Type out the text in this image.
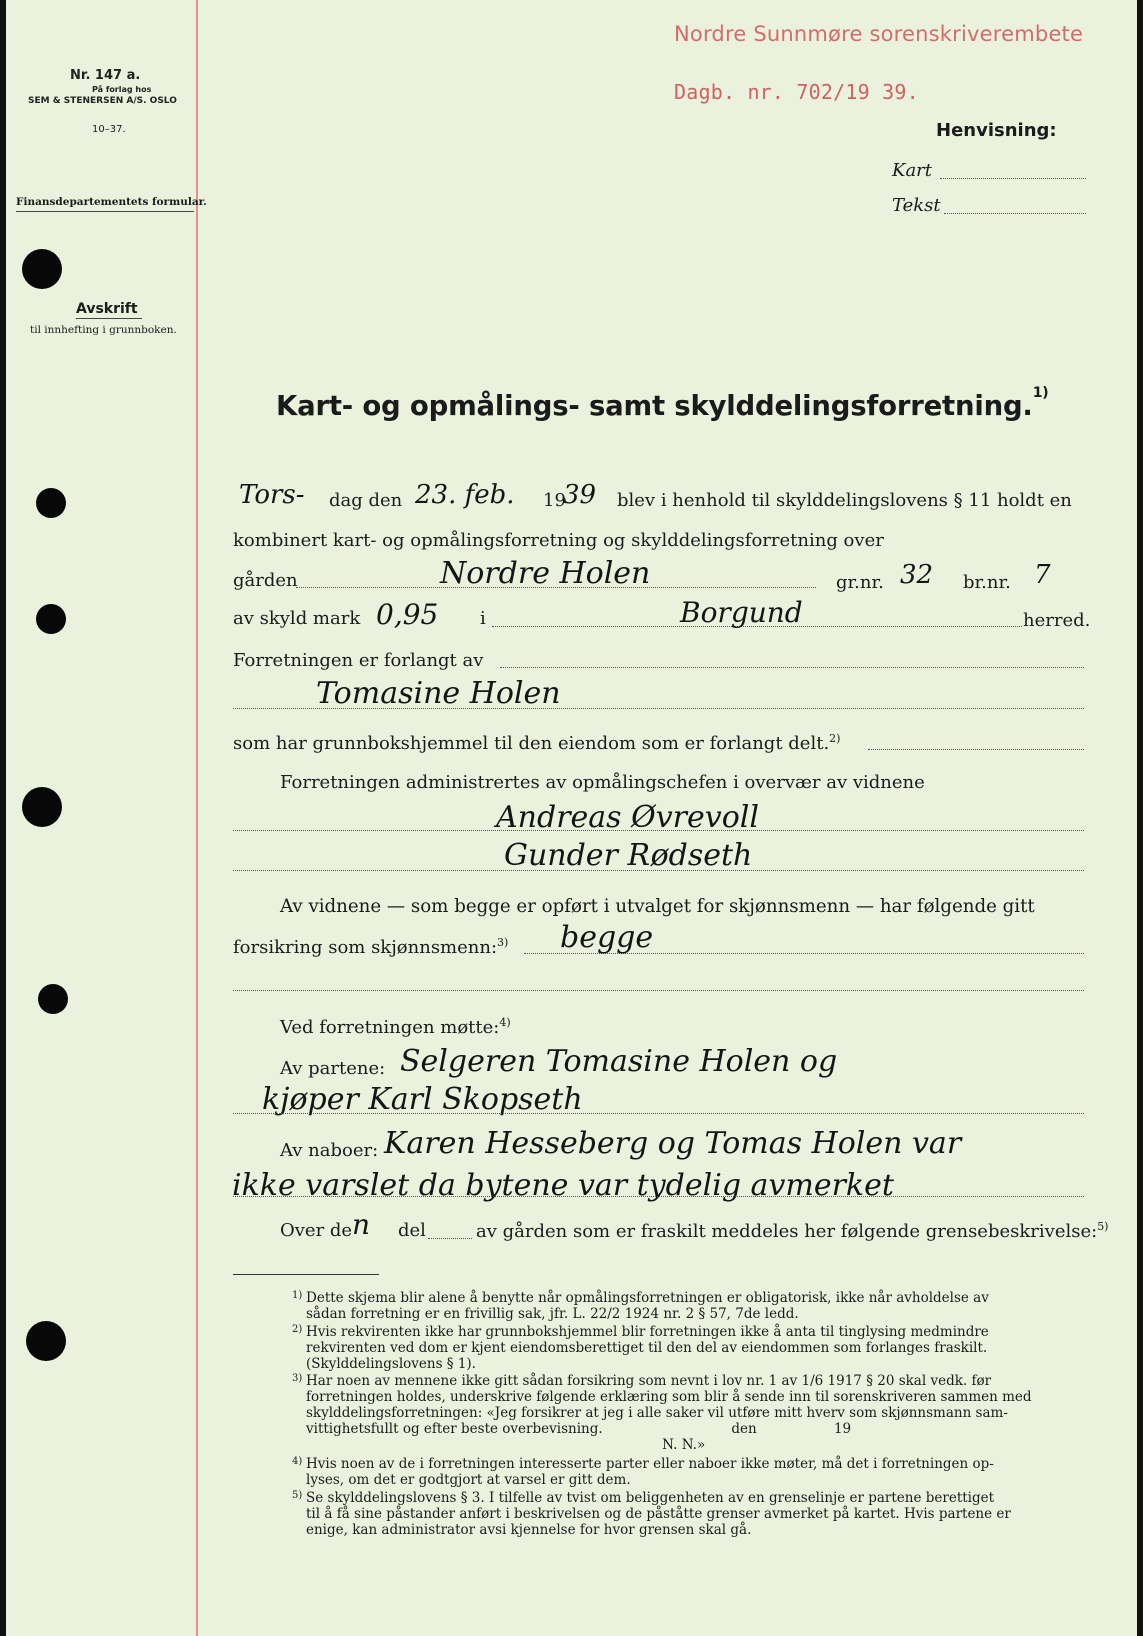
Nr. 147 a.
På forlag hos
SEM & STENERSEN A/S. OSLO
10–37.
Finansdepartementets formular.
Avskrift
til innhefting i grunnboken.
Nordre Sunnmøre sorenskriverembete
Dagb. nr. 702/19 39.
Henvisning:
Kart
Tekst
Kart- og opmålings- samt skylddelingsforretning.$^{1)}$
Tors- dag den 23. feb. 19
39 blev i henhold til skylddelingslovens § 11 holdt en
kombinert kart- og opmålingsforretning og skylddelingsforretning over
gården	Nordre Holen	gr.nr. 32 br.nr. 7
av skyld mark 0,95 i	Borgund	herred.
Forretningen er forlangt av
Tomasine Holen
som har grunnbokshjemmel til den eiendom som er forlangt delt.$^{2)}$
Forretningen administrertes av opmålingschefen i overvær av vidnene
Andreas Øvrevoll
Gunder Rødseth
Av vidnene — som begge er opført i utvalget for skjønnsmenn — har følgende gitt
forsikring som skjønnsmenn:$^{3)}$ begge
Ved forretningen møtte:$^{4)}$
Av partene: Selgeren Tomasine Holen og
kjøper Karl Skopseth
Av naboer: Karen Hesseberg og Tomas Holen var
ikke varslet da bytene var tydelig avmerket
Over de n del	av gården som er fraskilt meddeles her følgende grensebeskrivelse:$^{5)}$
1) Dette skjema blir alene å benytte når opmålingsforretningen er obligatorisk, ikke når avholdelse av
sådan forretning er en frivillig sak, jfr. L. 22/2 1924 nr. 2 § 57, 7de ledd.
2) Hvis rekvirenten ikke har grunnbokshjemmel blir forretningen ikke å anta til tinglysing medmindre
rekvirenten ved dom er kjent eiendomsberettiget til den del av eiendommen som forlanges fraskilt.
(Skylddelingslovens § 1).
3) Har noen av mennene ikke gitt sådan forsikring som nevnt i lov nr. 1 av 1/6 1917 § 20 skal vedk. før
forretningen holdes, underskrive følgende erklæring som blir å sende inn til sorenskriveren sammen med
skylddelingsforretningen: «Jeg forsikrer at jeg i alle saker vil utføre mitt hverv som skjønnsmann sam-
vittighetsfullt og efter beste overbevisning.                              den                  19
N. N.»
4) Hvis noen av de i forretningen interesserte parter eller naboer ikke møter, må det i forretningen op-
lyses, om det er godtgjort at varsel er gitt dem.
5) Se skylddelingslovens § 3. I tilfelle av tvist om beliggenheten av en grenselinje er partene berettiget
til å få sine påstander anført i beskrivelsen og de påståtte grenser avmerket på kartet. Hvis partene er
enige, kan administrator avsi kjennelse for hvor grensen skal gå.
